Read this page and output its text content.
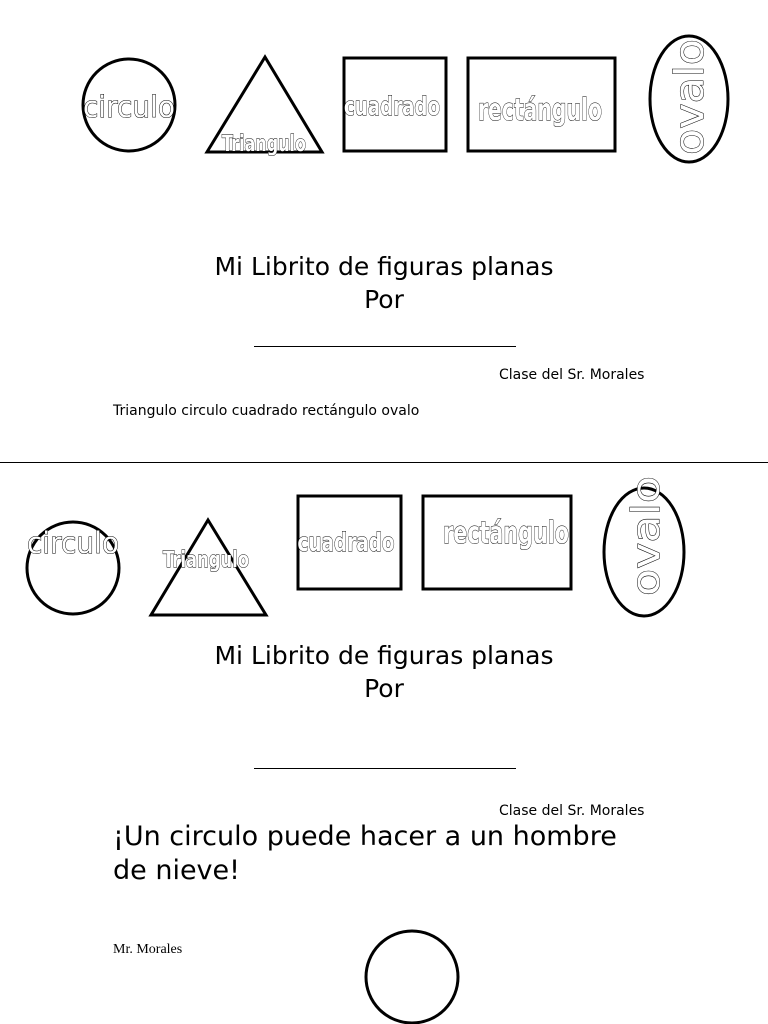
circulo
Triangulo
cuadrado rectángulo ovalo
circulo
Triangulo
cuadrado rectángulo ovalo
Mi Librito de figuras planas
Por
Clase del Sr. Morales
Triangulo circulo cuadrado rectángulo ovalo
Mi Librito de figuras planas
Por
Clase del Sr. Morales
¡Un circulo puede hacer a un hombre
de nieve!
Mr. Morales
